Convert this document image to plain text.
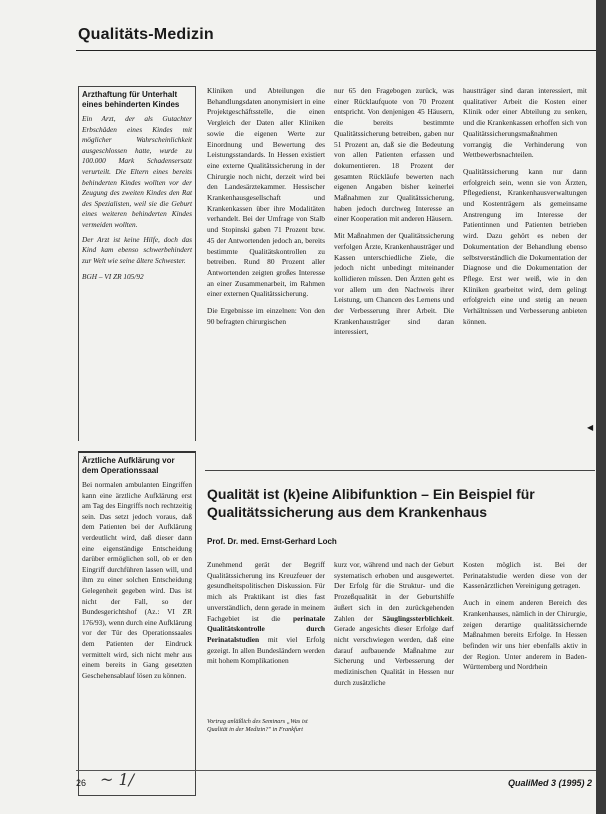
Qualitäts-Medizin
Arzthaftung für Unterhalt eines behinderten Kindes
Ein Arzt, der als Gutachter Erbschäden eines Kindes mit möglicher Wahrscheinlichkeit ausgeschlossen hatte, wurde zu 100.000 Mark Schadensersatz verurteilt. Die Eltern eines bereits behinderten Kindes wollten vor der Zeugung des zweiten Kindes den Rat des Spezialisten, weil sie die Geburt eines weiteren behinderten Kindes vermeiden wollten.
Der Arzt ist keine Hilfe, doch das Kind kam ebenso schwerbehindert zur Welt wie seine ältere Schwester.
BGH – VI ZR 105/92
Ärztliche Aufklärung vor dem Operationssaal
Bei normalen ambulanten Eingriffen kann eine ärztliche Aufklärung erst am Tag des Eingriffs noch rechtzeitig sein. Das setzt jedoch voraus, daß dem Patienten bei der Aufklärung verdeutlicht wird, daß dieser dann eine eigenständige Entscheidung darüber ermöglichen soll, ob er den Eingriff durchführen lassen will, und ihm zu einer solchen Entscheidung Gelegenheit gegeben wird. Das ist nicht der Fall, so der Bundesgerichtshof (Az.: VI ZR 176/93), wenn durch eine Aufklärung vor der Tür des Operationssaales dem Patienten der Eindruck vermittelt wird, sich nicht mehr aus einem bereits in Gang gesetzten Geschehensablauf lösen zu können.

Kliniken und Abteilungen die Behandlungsdaten anonymisiert in eine Projektgeschäftsstelle, die einen Vergleich der Daten aller Kliniken sowie die eigenen Werte zur Einordnung und Bewertung des Leistungsstandards. In Hessen existiert eine externe Qualitätssicherung in der Chirurgie noch nicht, derzeit wird bei den Landesärztekammer. Hessischer Krankenhausgesellschaft und Krankenkassen über ihre Modalitäten verhandelt. Bei der Umfrage von Stalb und Stopinski gaben 71 Prozent bzw. 45 der Antwortenden jedoch an, bereits bestimmte Qualitätskontrollen zu betreiben. Rund 80 Prozent aller Antwortenden zeigten großes Interesse an einer Zusammenarbeit, im Rahmen einer externen Qualitätssicherung.

Die Ergebnisse im einzelnen: Von den 90 befragten chirurgischen

nur 65 den Fragebogen zurück, was einer Rücklaufquote von 70 Prozent entspricht. Von denjenigen 45 Häusern, die bereits bestimmte Qualitätssicherung betreiben, gaben nur 51 Prozent an, daß sie die Bedeutung von allen Patienten erfassen und dokumentieren. 18 Prozent der gesamten Rückläufe bewerten nach eigenen Angaben bisher keinerlei Maßnahmen zur Qualitätssicherung, haben jedoch durchweg Interesse an einer Kooperation mit anderen Häusern.

Mit Maßnahmen der Qualitätssicherung verfolgen Ärzte, Krankenhausträger und Kassen unterschiedliche Ziele, die jedoch nicht unbedingt miteinander kollidieren müssen. Den Ärzten geht es vor allem um den Nachweis ihrer Leistung, um Chancen des Lernens und der Verbesserung ihrer Arbeit. Die Krankenhausträger sind daran interessiert,

haustträger sind daran interessiert, mit qualitativer Arbeit die Kosten einer Klinik oder einer Abteilung zu senken, und die Krankenkassen erhoffen sich von Qualitätssicherungsmaßnahmen vorrangig die Verhinderung von Wettbewerbsnachteilen.

Qualitätssicherung kann nur dann erfolgreich sein, wenn sie von Ärzten, Pflegedienst, Krankenhausverwaltungen und Kostenträgern als gemeinsame Anstrengung im Interesse der Patientinnen und Patienten betrieben wird. Dazu gehört es neben der Dokumentation der Behandlung ebenso selbstverständlich die Dokumentation der Diagnose und die Dokumentation der Pflege. Erst wer weiß, wie in den Kliniken gearbeitet wird, dem gelingt erfolgreich eine und stetig an neuen Verhältnissen und Verbesserung anbieten können.

◀
Qualität ist (k)eine Alibifunktion – Ein Beispiel für Qualitätssicherung aus dem Krankenhaus
Prof. Dr. med. Ernst-Gerhard Loch

Zunehmend gerät der Begriff Qualitätssicherung ins Kreuzfeuer der gesundheitspolitischen Diskussion. Für mich als Praktikant ist dies fast unverständlich, denn gerade in meinem Fachgebiet ist die perinatale Qualitätskontrolle durch Perinatalstudien mit viel Erfolg gezeigt. In allen Bundesländern werden mit hohem Komplikationen

Vortrag anläßlich des Seminars „Was ist Qualität in der Medizin?" in Frankfurt

kurz vor, während und nach der Geburt systematisch erhoben und ausgewertet. Der Erfolg für die Struktur- und die Prozeßqualität in der Geburtshilfe äußert sich in den zurückgehenden Zahlen der Säuglingssterblichkeit. Gerade angesichts dieser Erfolge darf nicht verschwiegen werden, daß eine darauf aufbauende Maßnahme zur Sicherung und Verbesserung der medizinischen Qualität in Hessen nur durch zusätzliche

Kosten möglich ist. Bei der Perinatalstudie werden diese von der Kassenärztlichen Vereinigung getragen.

Auch in einem anderen Bereich des Krankenhauses, nämlich in der Chirurgie, zeigen derartige qualitätssichernde Maßnahmen bereits Erfolge. In Hessen befinden wir uns hier ebenfalls aktiv in der Region. Unter anderem in Baden-Württemberg und Nordrhein

26 ~ 1/	QualiMed 3 (1995) 2
